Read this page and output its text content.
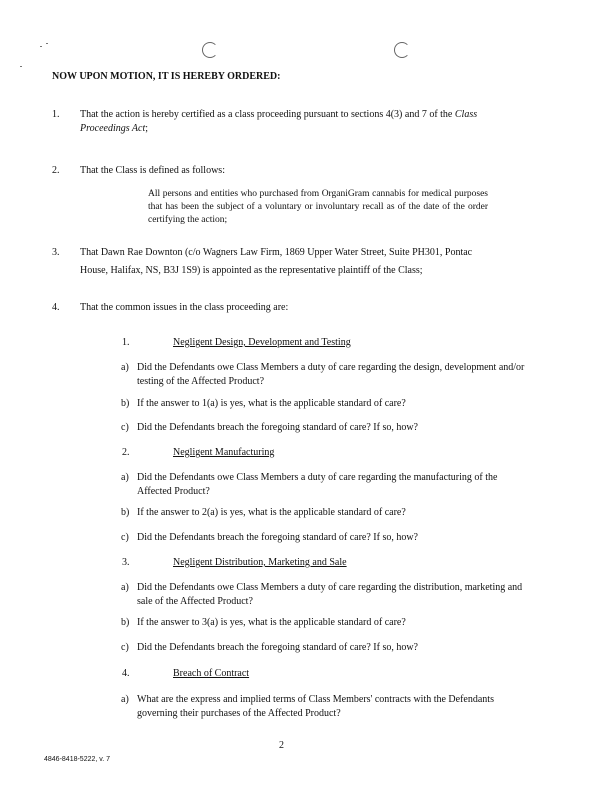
NOW UPON MOTION, IT IS HEREBY ORDERED:
1.	That the action is hereby certified as a class proceeding pursuant to sections 4(3) and 7 of the Class
Proceedings Act;
2.	That the Class is defined as follows:
All persons and entities who purchased from OrganiGram cannabis for medical purposes that has been the subject of a voluntary or involuntary recall as of the date of the order certifying the action;
3.	That Dawn Rae Downton (c/o Wagners Law Firm, 1869 Upper Water Street, Suite PH301, Pontac
House, Halifax, NS, B3J 1S9) is appointed as the representative plaintiff of the Class;
4.	That the common issues in the class proceeding are:
1.	Negligent Design, Development and Testing
a) Did the Defendants owe Class Members a duty of care regarding the design, development and/or testing of the Affected Product?
b) If the answer to 1(a) is yes, what is the applicable standard of care?
c) Did the Defendants breach the foregoing standard of care? If so, how?
2.	Negligent Manufacturing
a) Did the Defendants owe Class Members a duty of care regarding the manufacturing of the Affected Product?
b) If the answer to 2(a) is yes, what is the applicable standard of care?
c) Did the Defendants breach the foregoing standard of care? If so, how?
3.	Negligent Distribution, Marketing and Sale
a) Did the Defendants owe Class Members a duty of care regarding the distribution, marketing and sale of the Affected Product?
b) If the answer to 3(a) is yes, what is the applicable standard of care?
c) Did the Defendants breach the foregoing standard of care? If so, how?
4.	Breach of Contract
a) What are the express and implied terms of Class Members' contracts with the Defendants governing their purchases of the Affected Product?
2
4846-8418-5222, v. 7
